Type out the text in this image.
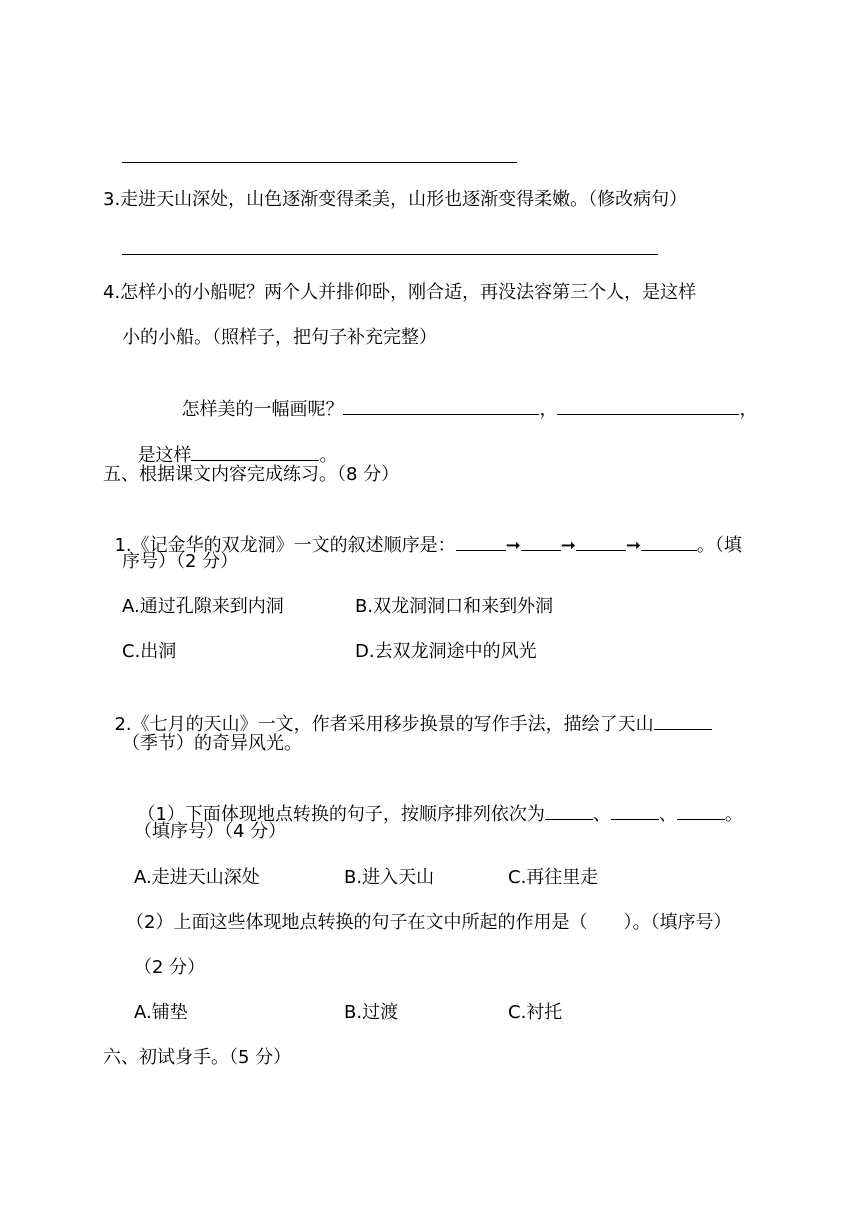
3.走进天山深处，山色逐渐变得柔美，山形也逐渐变得柔嫩。（修改病句）
4.怎样小的小船呢？两个人并排仰卧，刚合适，再没法容第三个人，是这样
小的小船。（照样子，把句子补充完整）

怎样美的一幅画呢？	，	，

是这样	。

五、根据课文内容完成练习。（8 分）

1.《记金华的双龙洞》一文的叙述顺序是：	➞ ➞	➞	。（填

序号）（2 分）
A.通过孔隙来到内洞	B.双龙洞洞口和来到外洞
C.出洞	D.去双龙洞途中的风光

2.《七月的天山》一文，作者采用移步换景的写作手法，描绘了天山

（季节）的奇异风光。

（1）下面体现地点转换的句子，按顺序排列依次为	、	、	。

（填序号）（4 分）
A.走进天山深处	B.进入天山	C.再往里走
（2）上面这些体现地点转换的句子在文中所起的作用是（　　）。（填序号）
（2 分）
A.铺垫	B.过渡	C.衬托
六、初试身手。（5 分）
